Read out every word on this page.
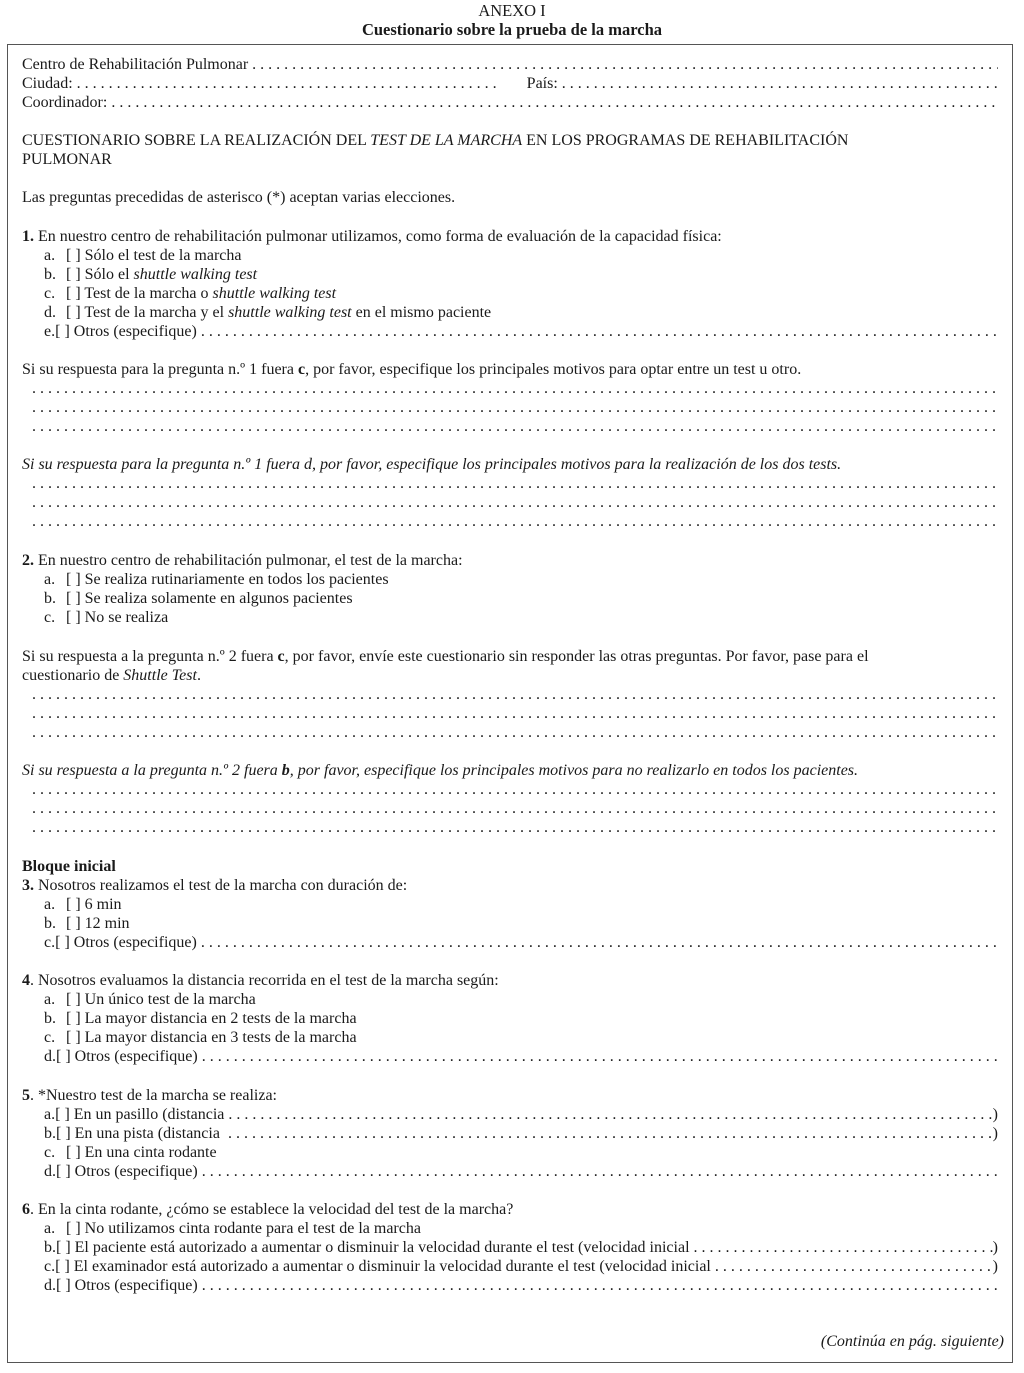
ANEXO I
Cuestionario sobre la prueba de la marcha
Centro de Rehabilitación Pulmonar
. . .
Ciudad: . . .	País:
. . .
Coordinador:
. . .
CUESTIONARIO SOBRE LA REALIZACIÓN DEL TEST DE LA MARCHA EN LOS PROGRAMAS DE REHABILITACIÓN
PULMONAR
Las preguntas precedidas de asterisco (*) aceptan varias elecciones.
1. En nuestro centro de rehabilitación pulmonar utilizamos, como forma de evaluación de la capacidad física:
a. [ ] Sólo el test de la marcha
b. [ ] Sólo el shuttle walking test
c. [ ] Test de la marcha o shuttle walking test
d. [ ] Test de la marcha y el shuttle walking test en el mismo paciente
e. [ ] Otros (especifique)
. . .
Si su respuesta para la pregunta n.º 1 fuera c , por favor, especifique los principales motivos para optar entre un test u otro.
. . .
. . .
. . .
Si su respuesta para la pregunta n.º 1 fuera d, por favor, especifique los principales motivos para la realización de los dos tests.
. . .
. . .
. . .
2. En nuestro centro de rehabilitación pulmonar, el test de la marcha:
a. [ ] Se realiza rutinariamente en todos los pacientes
b. [ ] Se realiza solamente en algunos pacientes
c. [ ] No se realiza
Si su respuesta a la pregunta n.º 2 fuera c , por favor, envíe este cuestionario sin responder las otras preguntas. Por favor, pase para el
cuestionario de Shuttle Test .
. . .
. . .
. . .
Si su respuesta a la pregunta n.º 2 fuera b , por favor, especifique los principales motivos para no realizarlo en todos los pacientes.
. . .
. . .
. . .
Bloque inicial
3. Nosotros realizamos el test de la marcha con duración de:
a. [ ] 6 min
b. [ ] 12 min
c. [ ] Otros (especifique)
. . .
4 . Nosotros evaluamos la distancia recorrida en el test de la marcha según:
a. [ ] Un único test de la marcha
b. [ ] La mayor distancia en 2 tests de la marcha
c. [ ] La mayor distancia en 3 tests de la marcha
d. [ ] Otros (especifique)
. . .
5 . *Nuestro test de la marcha se realiza:
a. [ ] En un pasillo (distancia . . .	)
b. [ ] En una pista (distancia . . .	)
c. [ ] En una cinta rodante
d. [ ] Otros (especifique)
. . .
6 . En la cinta rodante, ¿cómo se establece la velocidad del test de la marcha?
a. [ ] No utilizamos cinta rodante para el test de la marcha
b. [ ] El paciente está autorizado a aumentar o disminuir la velocidad durante el test (velocidad inicial . . .	)
c. [ ] El examinador está autorizado a aumentar o disminuir la velocidad durante el test (velocidad inicial . . .	)
d. [ ] Otros (especifique)
. . .
(Continúa en pág. siguiente)
